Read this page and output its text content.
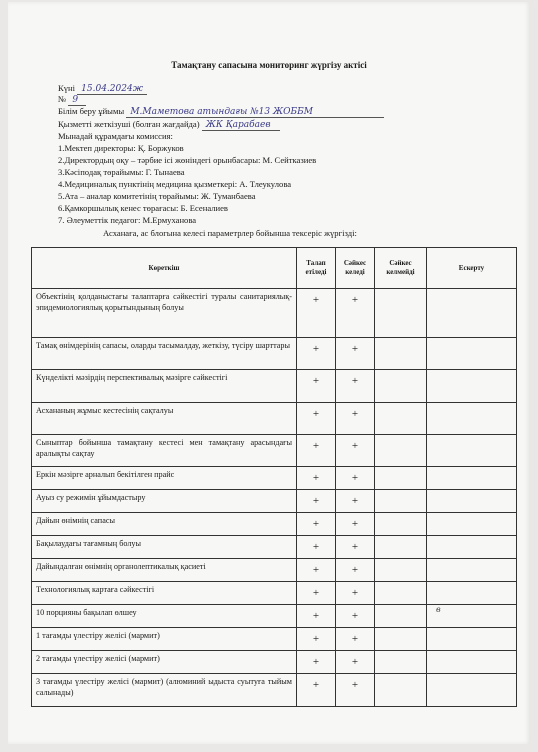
Тамақтану сапасына мониторинг жүргізу актісі
Күні 15.04.2024ж
№ 9
Білім беру ұйымы М.Маметова атындағы №13 ЖОББМ
Қызметті жеткізуші (болған жағдайда) ЖК Қарабаев
Мынадай құрамдағы комиссия:
1.Мектеп директоры: Қ. Боржуков
2.Директордың оқу – тәрбие ісі жөніндегі орынбасары: М. Сейтказиев
3.Кәсіподақ төрайымы: Г. Тынаева
4.Медициналық пунктінің медицина қызметкері: А. Тлеукулова
5.Ата – аналар комитетінің төрайымы: Ж. Туманбаева
6.Қамкоршылық кенес төрағасы: Б. Есеналиев
7. Әлеуметтік педагог: М.Ермуханова
Асханаға, ас блогына келесі параметрлер бойынша тексеріс жүргізді:
Көреткіш	Талап етіледі	Сәйкес келеді	Сәйкес келмейді	Ескерту
Объектінің қолданыстағы талаптарға сәйкестігі туралы санитариялық-эпидемиологиялық қорытындының болуы	+	+		
Тамақ өнімдерінің сапасы, оларды тасымалдау, жеткізу, түсіру шарттары	+	+		
Күнделікті мәзірдің перспективалық мәзірге сәйкестігі	+	+		
Асхананың жұмыс кестесінің сақталуы	+	+		
Сыныптар бойынша тамақтану кестесі мен тамақтану арасындағы аралықты сақтау	+	+		
Еркін мәзірге арналып бекітілген прайс	+	+		
Ауыз су режимін ұйымдастыру	+	+		
Дайын өнімнің сапасы	+	+		
Бақылаудағы тағамның болуы	+	+		
Дайындалған өнімнің органолептикалық қасиеті	+	+		
Технологиялық картаға сәйкестігі	+	+		
10 порцияны бақылап өлшеу	+	+		
1 тағамды үлестіру желісі (мармит)	+	+		
2 тағамды үлестіру желісі (мармит)	+	+		
3 тағамды үлестіру желісі (мармит) (алюминий ыдыста суытуға тыйым салынады)	+	+		
в
